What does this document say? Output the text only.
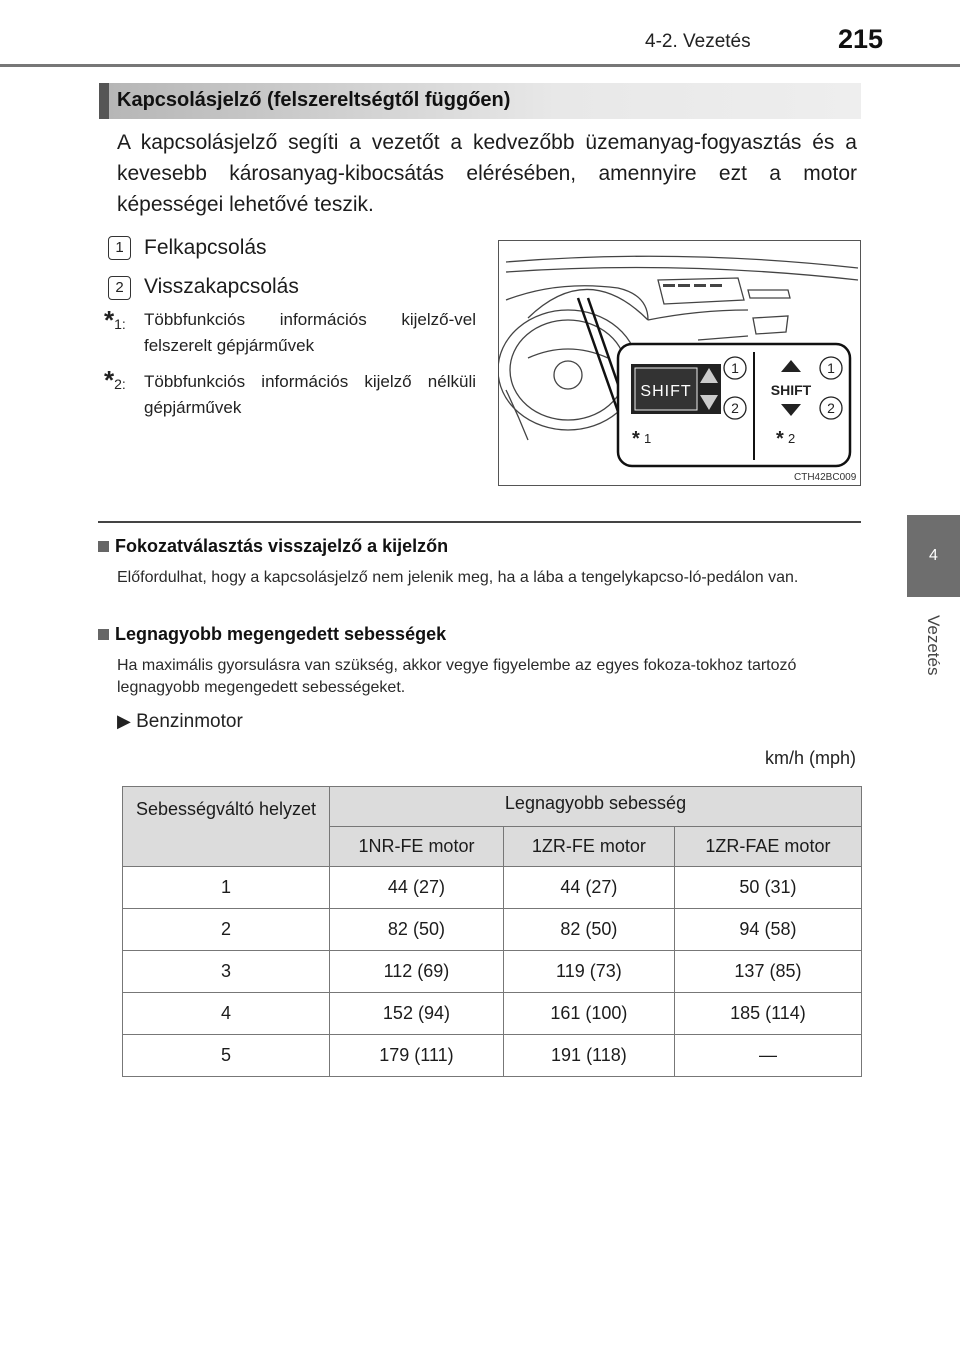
4-2. Vezetés	215
4
Vezetés
Kapcsolásjelző (felszereltségtől függően)
A kapcsolásjelző segíti a vezetőt a kedvezőbb üzemanyag-fogyasztás és a kevesebb károsanyag-kibocsátás elérésében, amennyire ezt a motor képességei lehetővé teszik.
1 Felkapcsolás
2 Visszakapcsolás
*1: Többfunkciós információs kijelző-vel felszerelt gépjárművek
*2: Többfunkciós információs kijelző nélküli gépjárművek
SHIFT
1
2
* 1
SHIFT
1
2
* 2
CTH42BC009
Fokozatválasztás visszajelző a kijelzőn
Előfordulhat, hogy a kapcsolásjelző nem jelenik meg, ha a lába a tengelykapcso-ló-pedálon van.
Legnagyobb megengedett sebességek
Ha maximális gyorsulásra van szükség, akkor vegye figyelembe az egyes fokoza-tokhoz tartozó legnagyobb megengedett sebességeket.
▶ Benzinmotor
km/h (mph)
Sebességváltó helyzet	Legnagyobb sebesség		
	1NR-FE motor	1ZR-FE motor	1ZR-FAE motor
1	44 (27)	44 (27)	50 (31)
2	82 (50)	82 (50)	94 (58)
3	112 (69)	119 (73)	137 (85)
4	152 (94)	161 (100)	185 (114)
5	179 (111)	191 (118)	—
